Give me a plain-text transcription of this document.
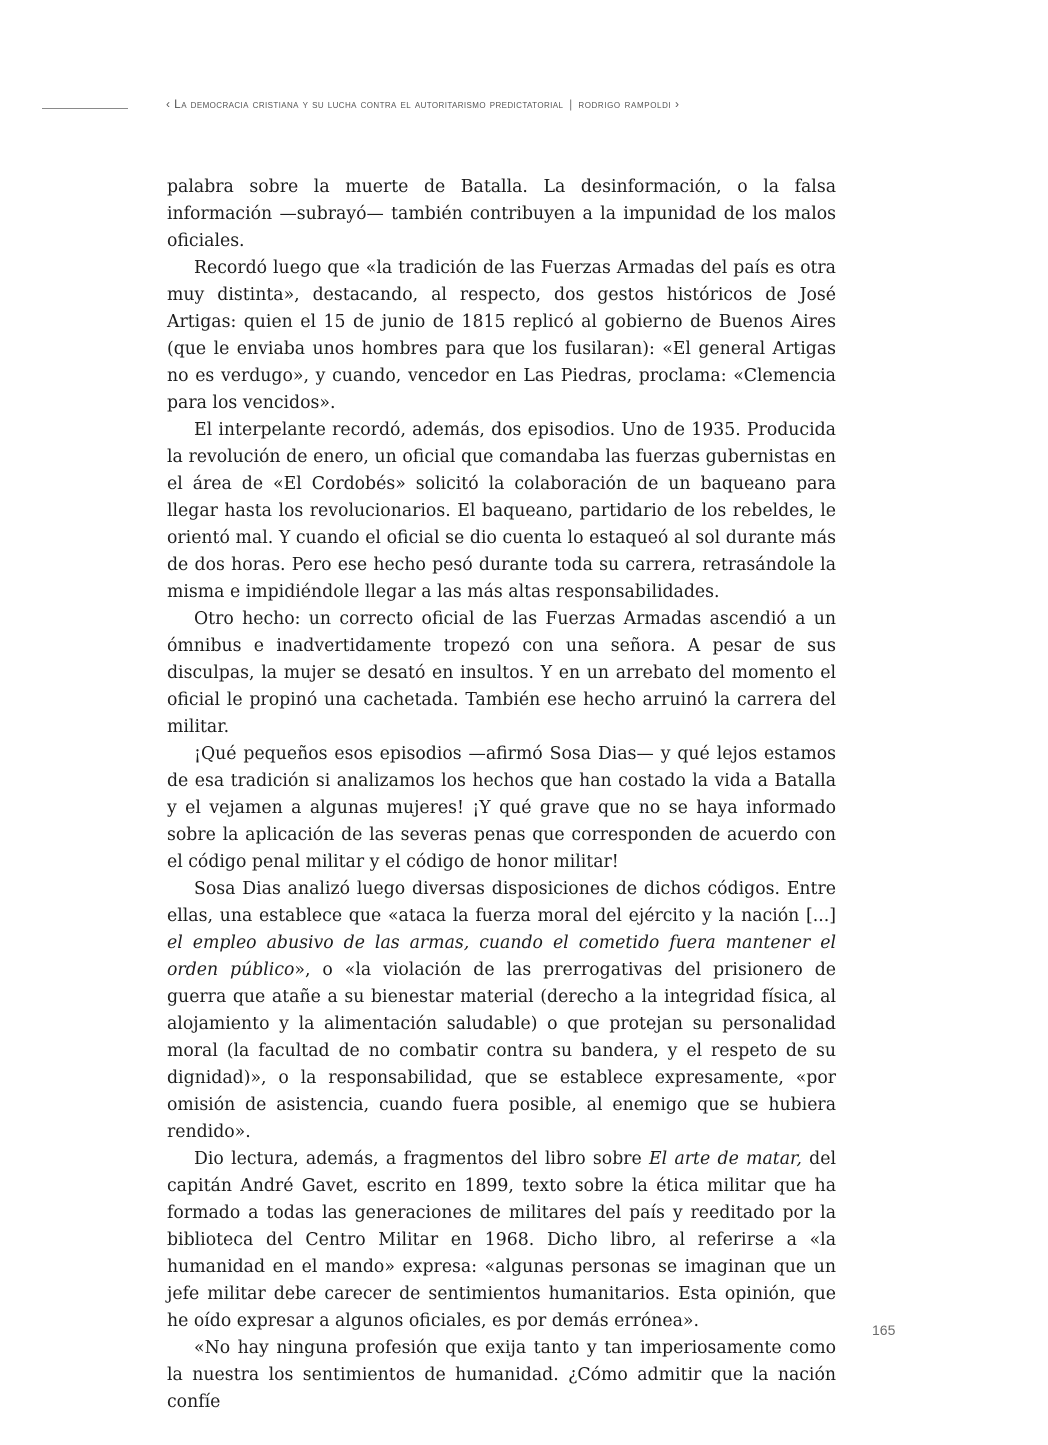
‹ La democracia cristiana y su lucha contra el autoritarismo predictatorial | rodrigo rampoldi ›

palabra sobre la muerte de Batalla. La desinformación, o la falsa información —subrayó— también contribuyen a la impunidad de los malos oficiales.

Recordó luego que «la tradición de las Fuerzas Armadas del país es otra muy distinta», destacando, al respecto, dos gestos históricos de José Artigas: quien el 15 de junio de 1815 replicó al gobierno de Buenos Aires (que le enviaba unos hombres para que los fusilaran): «El general Artigas no es verdugo», y cuando, vencedor en Las Piedras, proclama: «Clemencia para los vencidos».

El interpelante recordó, además, dos episodios. Uno de 1935. Producida la revolución de enero, un oficial que comandaba las fuerzas gubernistas en el área de «El Cordobés» solicitó la colaboración de un baqueano para llegar hasta los revolucionarios. El baqueano, partidario de los rebeldes, le orientó mal. Y cuando el oficial se dio cuenta lo estaqueó al sol durante más de dos horas. Pero ese hecho pesó durante toda su carrera, retrasándole la misma e impidiéndole llegar a las más altas responsabilidades.

Otro hecho: un correcto oficial de las Fuerzas Armadas ascendió a un ómnibus e inadvertidamente tropezó con una señora. A pesar de sus disculpas, la mujer se desató en insultos. Y en un arrebato del momento el oficial le propinó una cachetada. También ese hecho arruinó la carrera del militar.

¡Qué pequeños esos episodios —afirmó Sosa Dias— y qué lejos estamos de esa tradición si analizamos los hechos que han costado la vida a Batalla y el vejamen a algunas mujeres! ¡Y qué grave que no se haya informado sobre la aplicación de las severas penas que corresponden de acuerdo con el código penal militar y el código de honor militar!

Sosa Dias analizó luego diversas disposiciones de dichos códigos. Entre ellas, una establece que «ataca la fuerza moral del ejército y la nación [...] el empleo abusivo de las armas, cuando el cometido fuera mantener el orden público», o «la violación de las prerrogativas del prisionero de guerra que atañe a su bienestar material (derecho a la integridad física, al alojamiento y la alimentación saludable) o que protejan su personalidad moral (la facultad de no combatir contra su bandera, y el respeto de su dignidad)», o la responsabilidad, que se establece expresamente, «por omisión de asistencia, cuando fuera posible, al enemigo que se hubiera rendido».

Dio lectura, además, a fragmentos del libro sobre El arte de matar, del capitán André Gavet, escrito en 1899, texto sobre la ética militar que ha formado a todas las generaciones de militares del país y reeditado por la biblioteca del Centro Militar en 1968. Dicho libro, al referirse a «la humanidad en el mando» expresa: «algunas personas se imaginan que un jefe militar debe carecer de sentimientos humanitarios. Esta opinión, que he oído expresar a algunos oficiales, es por demás errónea».

«No hay ninguna profesión que exija tanto y tan imperiosamente como la nuestra los sentimientos de humanidad. ¿Cómo admitir que la nación confíe

165
